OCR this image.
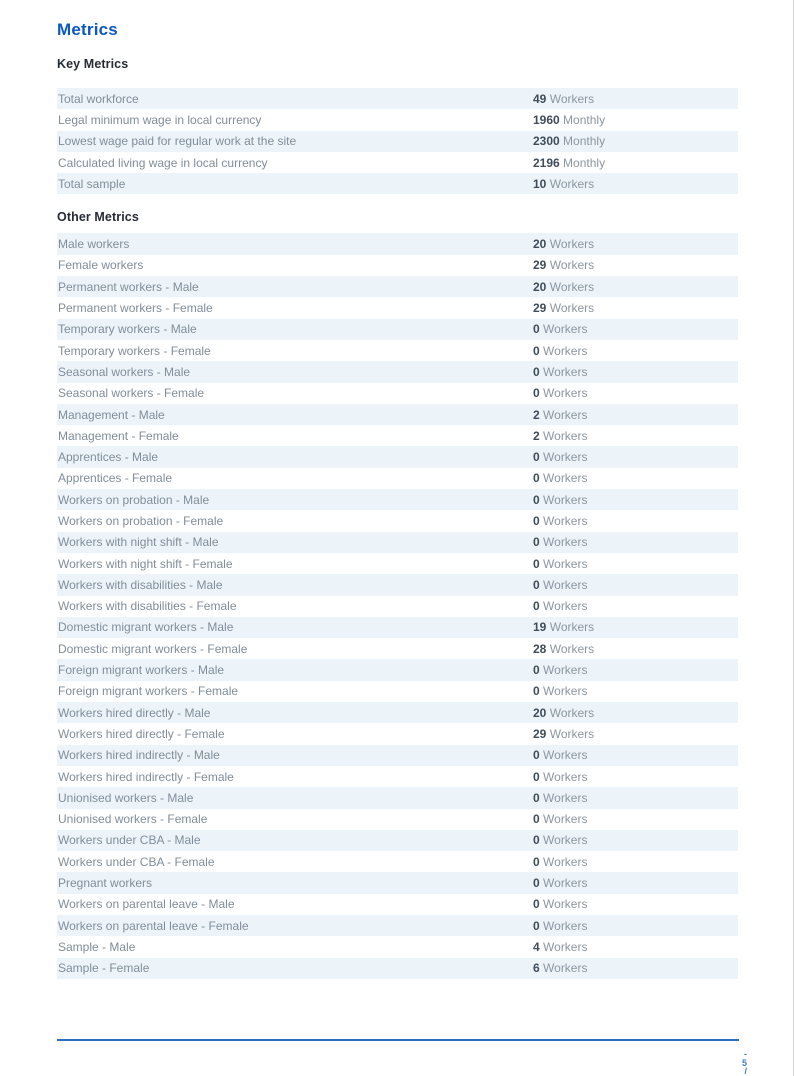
Metrics
Key Metrics
Total workforce	49 Workers
Legal minimum wage in local currency	1960 Monthly
Lowest wage paid for regular work at the site	2300 Monthly
Calculated living wage in local currency	2196 Monthly
Total sample	10 Workers
Other Metrics
Male workers	20 Workers
Female workers	29 Workers
Permanent workers - Male	20 Workers
Permanent workers - Female	29 Workers
Temporary workers - Male	0 Workers
Temporary workers - Female	0 Workers
Seasonal workers - Male	0 Workers
Seasonal workers - Female	0 Workers
Management - Male	2 Workers
Management - Female	2 Workers
Apprentices - Male	0 Workers
Apprentices - Female	0 Workers
Workers on probation - Male	0 Workers
Workers on probation - Female	0 Workers
Workers with night shift - Male	0 Workers
Workers with night shift - Female	0 Workers
Workers with disabilities - Male	0 Workers
Workers with disabilities - Female	0 Workers
Domestic migrant workers - Male	19 Workers
Domestic migrant workers - Female	28 Workers
Foreign migrant workers - Male	0 Workers
Foreign migrant workers - Female	0 Workers
Workers hired directly - Male	20 Workers
Workers hired directly - Female	29 Workers
Workers hired indirectly - Male	0 Workers
Workers hired indirectly - Female	0 Workers
Unionised workers - Male	0 Workers
Unionised workers - Female	0 Workers
Workers under CBA - Male	0 Workers
Workers under CBA - Female	0 Workers
Pregnant workers	0 Workers
Workers on parental leave - Male	0 Workers
Workers on parental leave - Female	0 Workers
Sample - Male	4 Workers
Sample - Female	6 Workers
-
5
/
